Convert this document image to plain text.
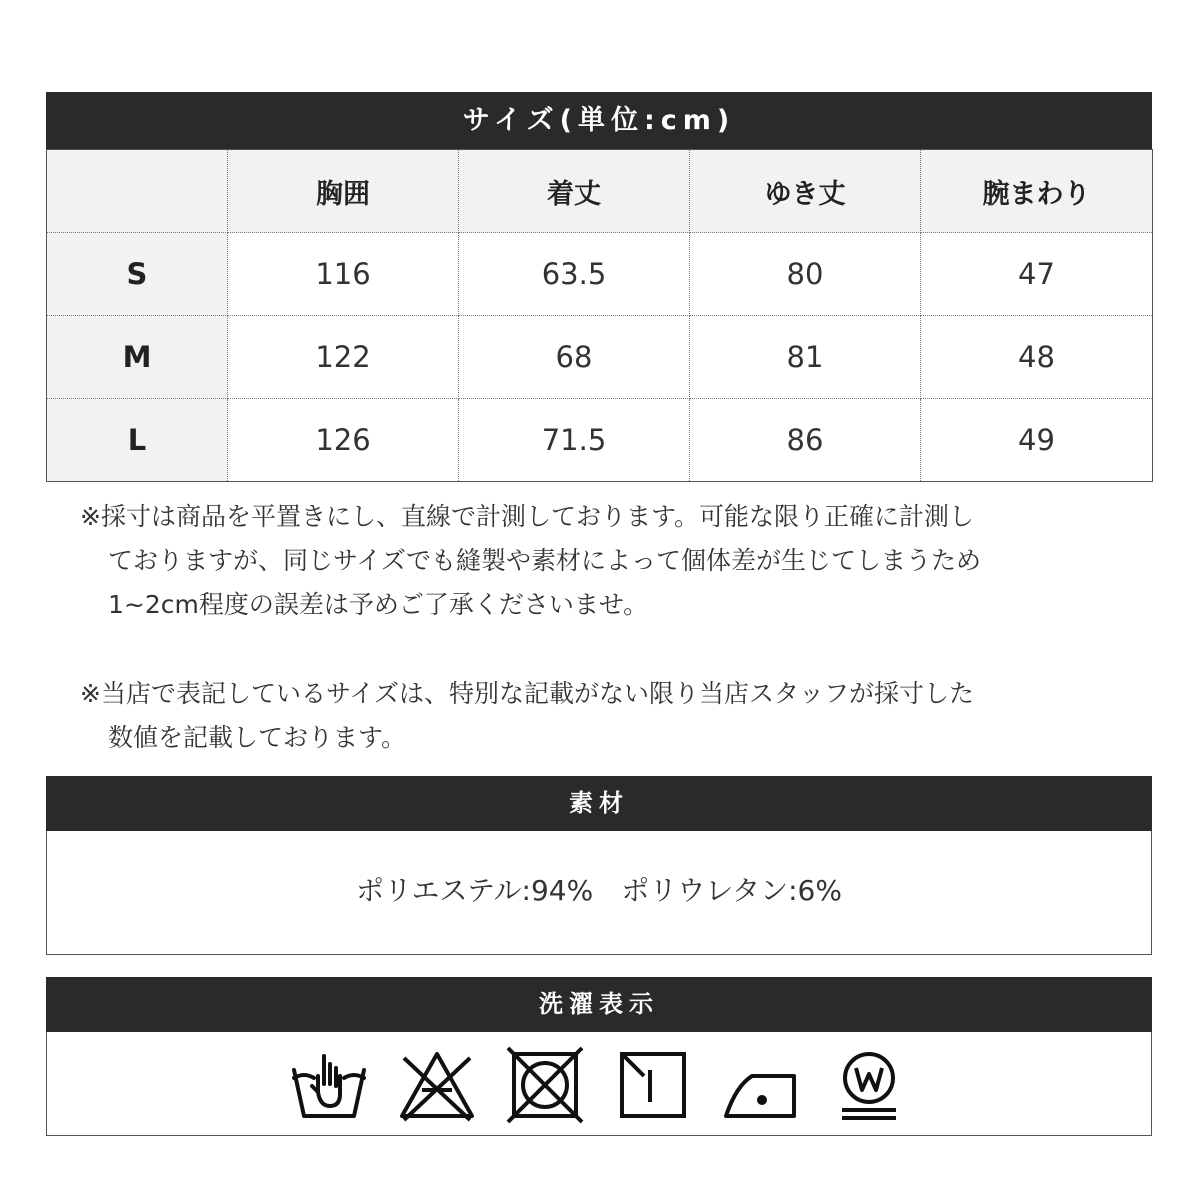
サイズ(単位:cm)
	胸囲	着丈	ゆき丈	腕まわり
S	116	63.5	80	47
M	122	68	81	48
L	126	71.5	86	49
※採寸は商品を平置きにし、直線で計測しております。可能な限り正確に計測し
ておりますが、同じサイズでも縫製や素材によって個体差が生じてしまうため
1~2cm程度の誤差は予めご了承くださいませ。
※当店で表記しているサイズは、特別な記載がない限り当店スタッフが採寸した
数値を記載しております。
素材
ポリエステル:94%　ポリウレタン:6%
洗濯表示
